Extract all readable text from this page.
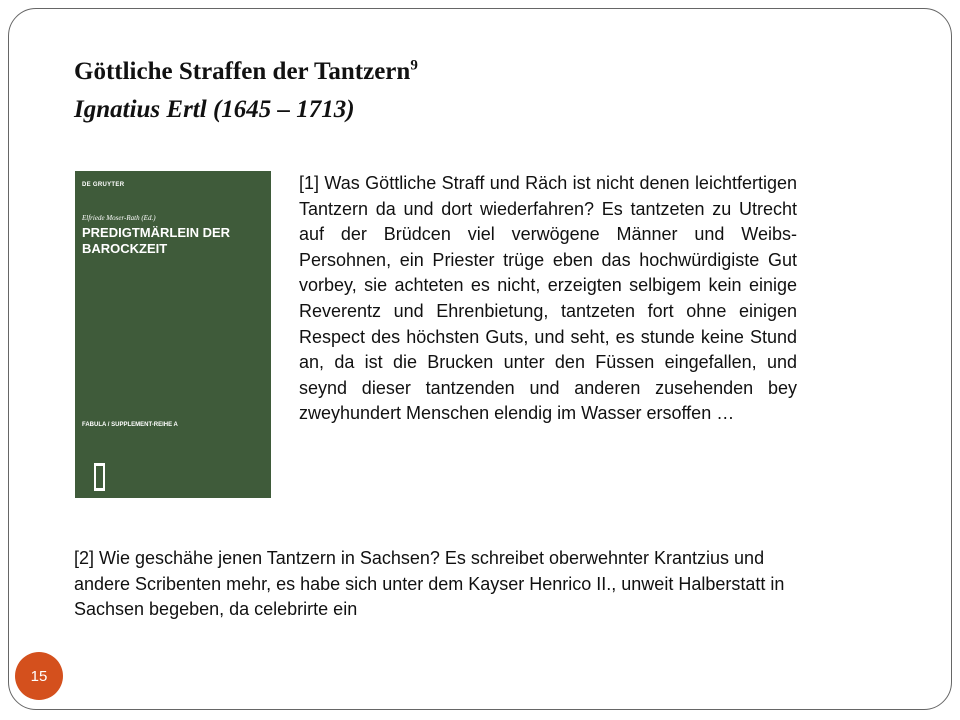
Göttliche Straffen der Tantzern$^9$
Ignatius Ertl (1645 – 1713)
DE GRUYTER
Elfriede Moser-Rath (Ed.)
PREDIGTMÄRLEIN DER BAROCKZEIT
FABULA / SUPPLEMENT-REIHE A

[1] Was Göttliche Straff und Räch ist nicht denen leichtfertigen Tantzern da und dort wiederfahren? Es tantzeten zu Utrecht auf der Brüdcen viel verwögene Männer und Weibs-Persohnen, ein Priester trüge eben das hochwürdigiste Gut vorbey, sie achteten es nicht, erzeigten selbigem kein einige Reverentz und Ehrenbietung, tantzeten fort ohne einigen Respect des höchsten Guts, und seht, es stunde keine Stund an, da ist die Brucken unter den Füssen eingefallen, und seynd dieser tantzenden und anderen zusehenden bey zweyhundert Menschen elendig im Wasser ersoffen …

[2] Wie geschähe jenen Tantzern in Sachsen? Es schreibet oberwehnter Krantzius und andere Scribenten mehr, es habe sich unter dem Kayser Henrico II., unweit Halberstatt in Sachsen begeben, da celebrirte ein

15
